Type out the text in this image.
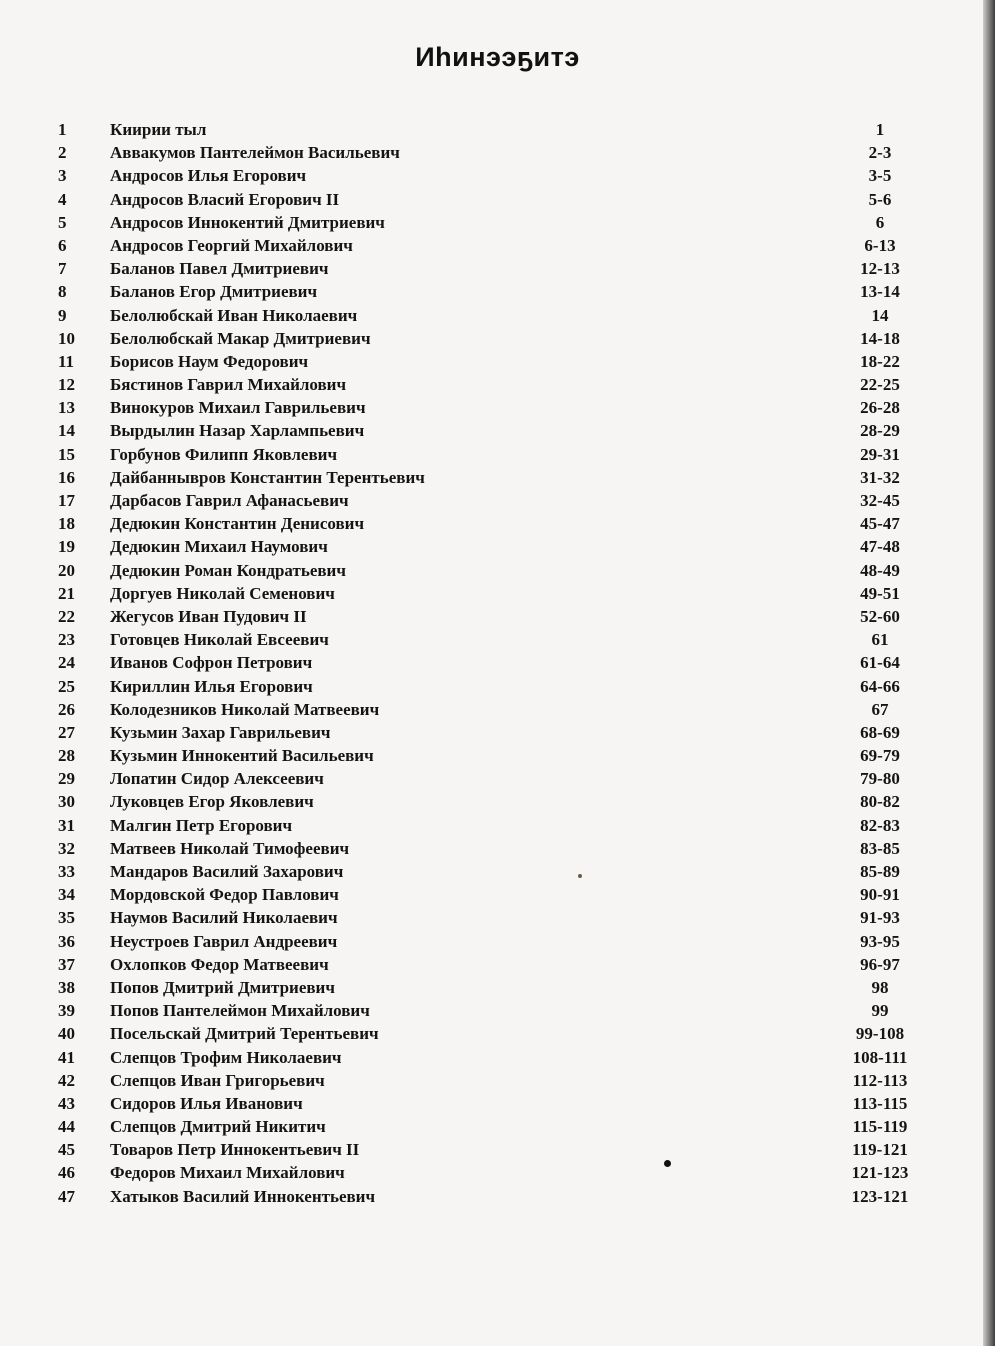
Иһинээҕитэ
1	Киирии тыл	1
2	Аввакумов Пантелеймон Васильевич	2-3
3	Андросов Илья Егорович	3-5
4	Андросов Власий Егорович II	5-6
5	Андросов Иннокентий Дмитриевич	6
6	Андросов Георгий Михайлович	6-13
7	Баланов Павел Дмитриевич	12-13
8	Баланов Егор Дмитриевич	13-14
9	Белолюбскай Иван Николаевич	14
10	Белолюбскай Макар Дмитриевич	14-18
11	Борисов Наум Федорович	18-22
12	Бястинов Гаврил Михайлович	22-25
13	Винокуров Михаил Гаврильевич	26-28
14	Вырдылин Назар Харлампьевич	28-29
15	Горбунов Филипп Яковлевич	29-31
16	Дайбаннывров Константин Терентьевич	31-32
17	Дарбасов Гаврил Афанасьевич	32-45
18	Дедюкин Константин Денисович	45-47
19	Дедюкин Михаил Наумович	47-48
20	Дедюкин Роман Кондратьевич	48-49
21	Доргуев Николай Семенович	49-51
22	Жегусов Иван Пудович II	52-60
23	Готовцев Николай Евсеевич	61
24	Иванов Софрон Петрович	61-64
25	Кириллин Илья Егорович	64-66
26	Колодезников Николай Матвеевич	67
27	Кузьмин Захар Гаврильевич	68-69
28	Кузьмин Иннокентий Васильевич	69-79
29	Лопатин Сидор Алексеевич	79-80
30	Луковцев Егор Яковлевич	80-82
31	Малгин Петр Егорович	82-83
32	Матвеев Николай Тимофеевич	83-85
33	Мандаров Василий Захарович	85-89
34	Мордовской Федор Павлович	90-91
35	Наумов Василий Николаевич	91-93
36	Неустроев Гаврил Андреевич	93-95
37	Охлопков Федор Матвеевич	96-97
38	Попов Дмитрий Дмитриевич	98
39	Попов Пантелеймон Михайлович	99
40	Посельскай Дмитрий Терентьевич	99-108
41	Слепцов Трофим Николаевич	108-111
42	Слепцов Иван Григорьевич	112-113
43	Сидоров Илья Иванович	113-115
44	Слепцов Дмитрий Никитич	115-119
45	Товаров Петр Иннокентьевич II	119-121
46	Федоров Михаил Михайлович	121-123
47	Хатыков Василий Иннокентьевич	123-121
